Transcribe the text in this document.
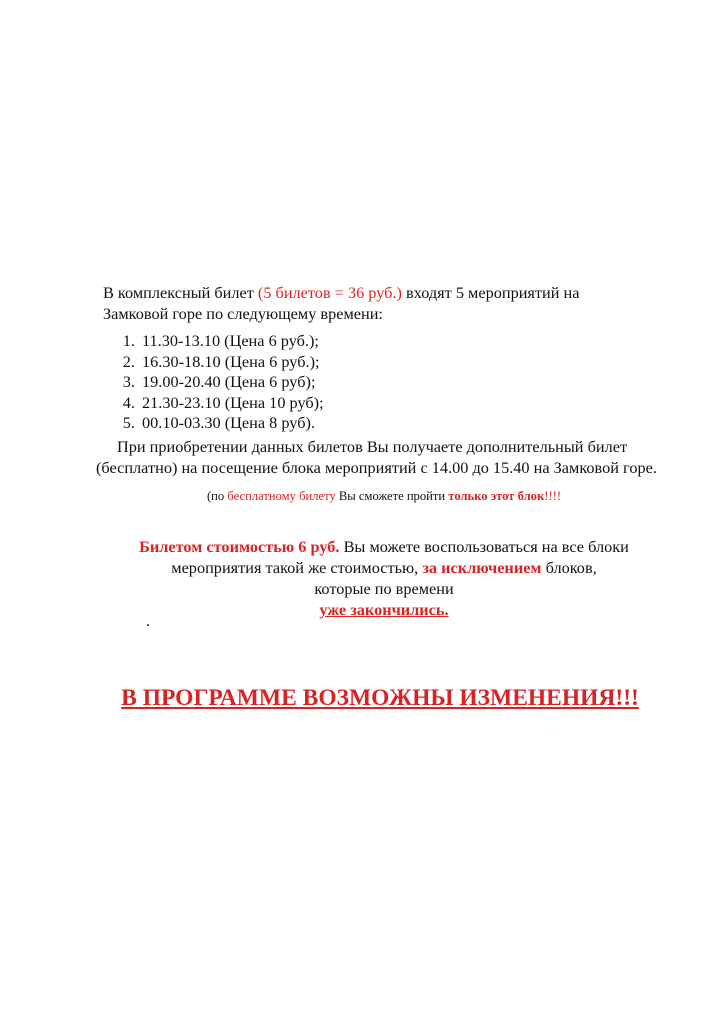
В комплексный билет (5 билетов = 36 руб.) входят 5 мероприятий на
Замковой горе по следующему времени:
1. 11.30-13.10 (Цена 6 руб.);
2. 16.30-18.10 (Цена 6 руб.);
3. 19.00-20.40 (Цена 6 руб);
4. 21.30-23.10 (Цена 10 руб);
5. 00.10-03.30 (Цена 8 руб).
При приобретении данных билетов Вы получаете дополнительный билет
(бесплатно) на посещение блока мероприятий с 14.00 до 15.40 на Замковой горе.
(по бесплатному билету Вы сможете пройти только этот блок!!!!
Билетом стоимостью 6 руб. Вы можете воспользоваться на все блоки
мероприятия такой же стоимостью, за исключением блоков,
которые по времени
уже закончились.
.
В ПРОГРАММЕ ВОЗМОЖНЫ ИЗМЕНЕНИЯ!!!
